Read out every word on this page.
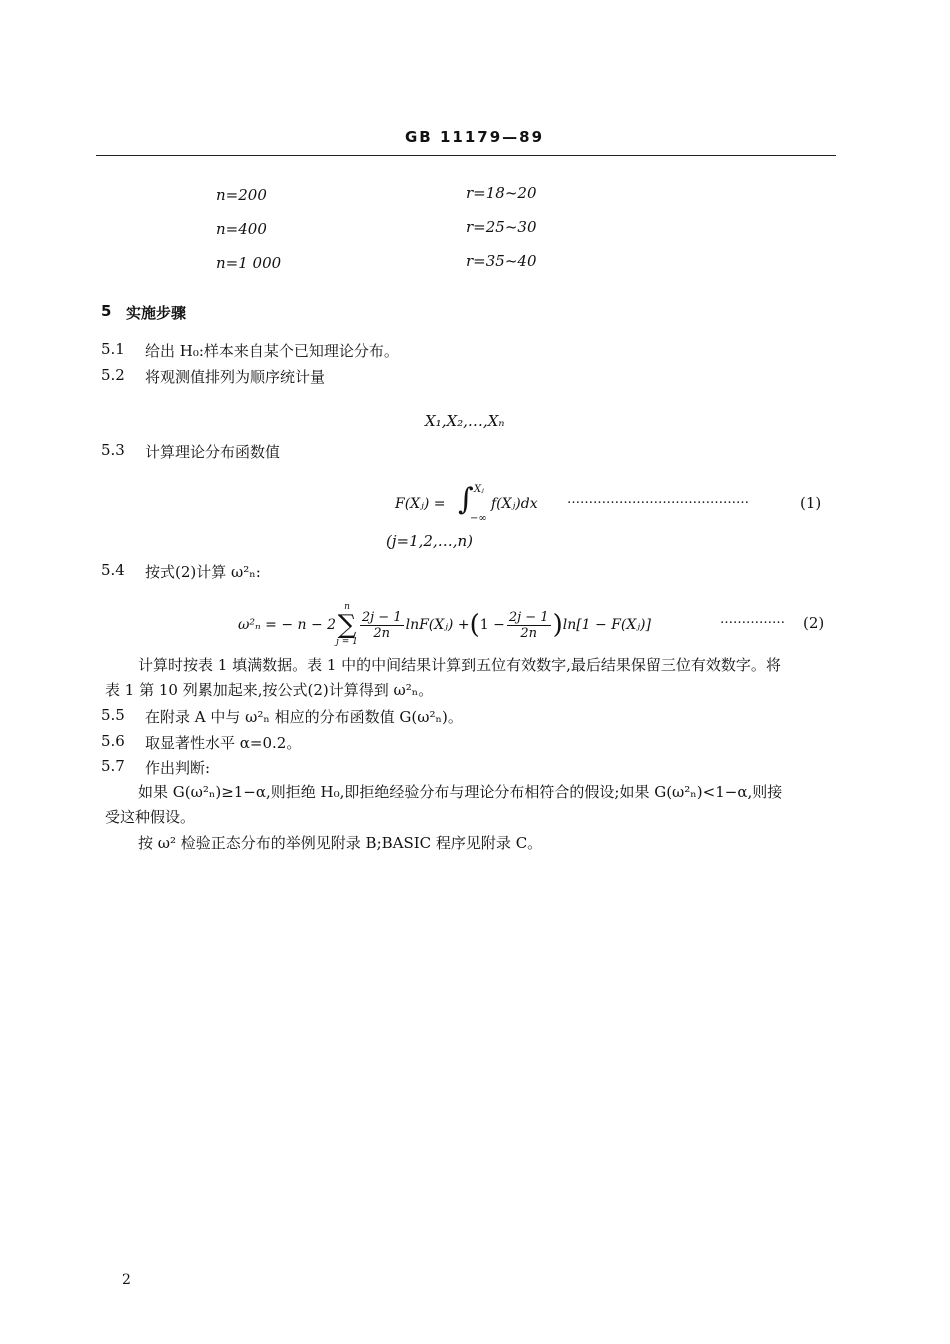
GB 11179—89
n=200	r=18~20
n=400	r=25~30
n=1 000	r=35~40
5 实施步骤
5.1 给出 H₀:样本来自某个已知理论分布。
5.2 将观测值排列为顺序统计量
X₁,X₂,…,Xₙ
5.3 计算理论分布函数值
F(Xⱼ) = ∫ Xⱼ
−∞
f(Xⱼ)dx ……………………………………	(1)
(j=1,2,…,n)
5.4 按式(2)计算 ω²ₙ:
ω²ₙ = − n − 2
n
∑
j = 1
$\frac{2j - 1}{2n}$ lnF(Xⱼ) + ( $1 - \frac{2j - 1}{2n}$ ) ln[1 − F(Xⱼ)]	…………… (2)
计算时按表 1 填满数据。表 1 中的中间结果计算到五位有效数字,最后结果保留三位有效数字。将
表 1 第 10 列累加起来,按公式(2)计算得到 ω²ₙ。
5.5 在附录 A 中与 ω²ₙ 相应的分布函数值 G(ω²ₙ)。
5.6 取显著性水平 α=0.2。
5.7 作出判断:
如果 G(ω²ₙ)≥1−α,则拒绝 H₀,即拒绝经验分布与理论分布相符合的假设;如果 G(ω²ₙ)<1−α,则接
受这种假设。
按 ω² 检验正态分布的举例见附录 B;BASIC 程序见附录 C。
2
